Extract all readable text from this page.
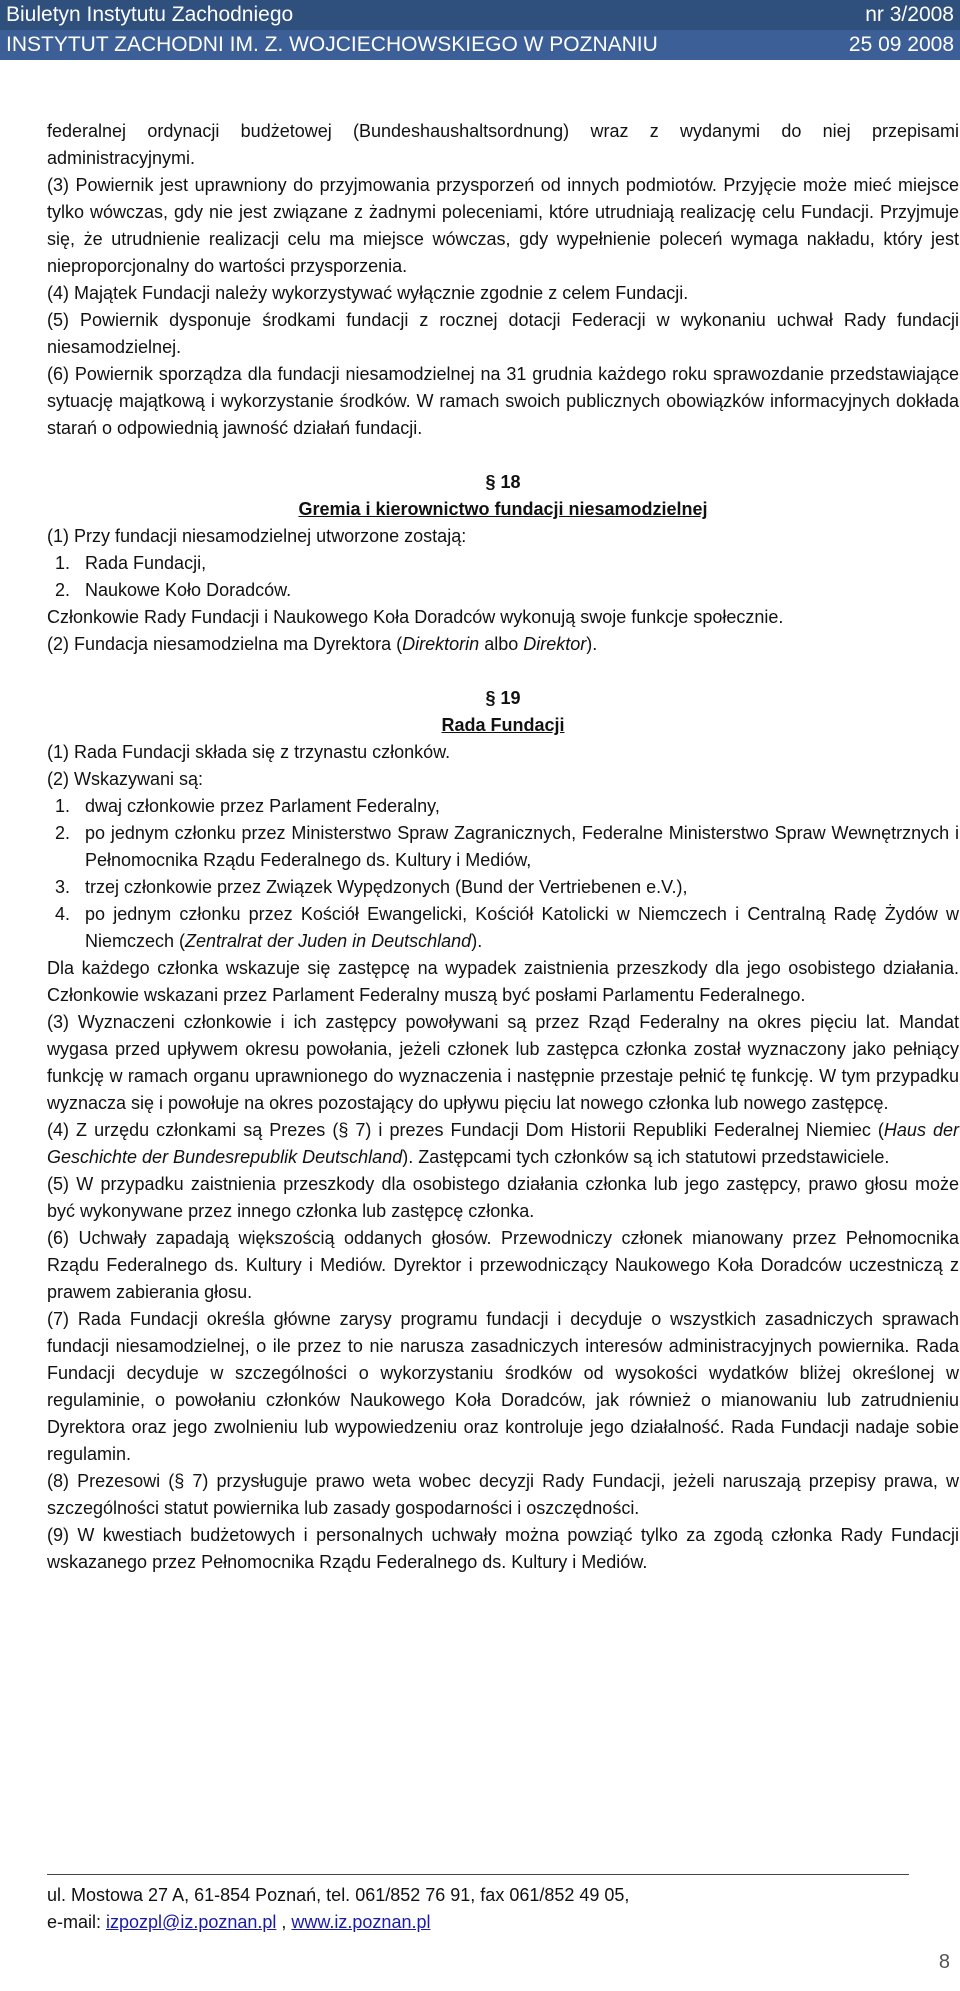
Biuletyn Instytutu Zachodniego	nr 3/2008
INSTYTUT ZACHODNI IM. Z. WOJCIECHOWSKIEGO W POZNANIU	25 09 2008

federalnej ordynacji budżetowej (Bundeshaushaltsordnung) wraz z wydanymi do niej przepisami administracyjnymi.

(3) Powiernik jest uprawniony do przyjmowania przysporzeń od innych podmiotów. Przyjęcie może mieć miejsce tylko wówczas, gdy nie jest związane z żadnymi poleceniami, które utrudniają realizację celu Fundacji. Przyjmuje się, że utrudnienie realizacji celu ma miejsce wówczas, gdy wypełnienie poleceń wymaga nakładu, który jest nieproporcjonalny do wartości przysporzenia.

(4) Majątek Fundacji należy wykorzystywać wyłącznie zgodnie z celem Fundacji.

(5) Powiernik dysponuje środkami fundacji z rocznej dotacji Federacji w wykonaniu uchwał Rady fundacji niesamodzielnej.

(6) Powiernik sporządza dla fundacji niesamodzielnej na 31 grudnia każdego roku sprawozdanie przedstawiające sytuację majątkową i wykorzystanie środków. W ramach swoich publicznych obowiązków informacyjnych dokłada starań o odpowiednią jawność działań fundacji.

§ 18

Gremia i kierownictwo fundacji niesamodzielnej

(1) Przy fundacji niesamodzielnej utworzone zostają:

1. Rada Fundacji,
2. Naukowe Koło Doradców.

Członkowie Rady Fundacji i Naukowego Koła Doradców wykonują swoje funkcje społecznie.

(2) Fundacja niesamodzielna ma Dyrektora (Direktorin albo Direktor).

§ 19

Rada Fundacji

(1) Rada Fundacji składa się z trzynastu członków.

(2) Wskazywani są:

1. dwaj członkowie przez Parlament Federalny,
2. po jednym członku przez Ministerstwo Spraw Zagranicznych, Federalne Ministerstwo Spraw Wewnętrznych i Pełnomocnika Rządu Federalnego ds. Kultury i Mediów,
3. trzej członkowie przez Związek Wypędzonych (Bund der Vertriebenen e.V.),
4. po jednym członku przez Kościół Ewangelicki, Kościół Katolicki w Niemczech i Centralną Radę Żydów w Niemczech (Zentralrat der Juden in Deutschland).

Dla każdego członka wskazuje się zastępcę na wypadek zaistnienia przeszkody dla jego osobistego działania. Członkowie wskazani przez Parlament Federalny muszą być posłami Parlamentu Federalnego.

(3) Wyznaczeni członkowie i ich zastępcy powoływani są przez Rząd Federalny na okres pięciu lat. Mandat wygasa przed upływem okresu powołania, jeżeli członek lub zastępca członka został wyznaczony jako pełniący funkcję w ramach organu uprawnionego do wyznaczenia i następnie przestaje pełnić tę funkcję. W tym przypadku wyznacza się i powołuje na okres pozostający do upływu pięciu lat nowego członka lub nowego zastępcę.

(4) Z urzędu członkami są Prezes (§ 7) i prezes Fundacji Dom Historii Republiki Federalnej Niemiec (Haus der Geschichte der Bundesrepublik Deutschland). Zastępcami tych członków są ich statutowi przedstawiciele.

(5) W przypadku zaistnienia przeszkody dla osobistego działania członka lub jego zastępcy, prawo głosu może być wykonywane przez innego członka lub zastępcę członka.

(6) Uchwały zapadają większością oddanych głosów. Przewodniczy członek mianowany przez Pełnomocnika Rządu Federalnego ds. Kultury i Mediów. Dyrektor i przewodniczący Naukowego Koła Doradców uczestniczą z prawem zabierania głosu.

(7) Rada Fundacji określa główne zarysy programu fundacji i decyduje o wszystkich zasadniczych sprawach fundacji niesamodzielnej, o ile przez to nie narusza zasadniczych interesów administracyjnych powiernika. Rada Fundacji decyduje w szczególności o wykorzystaniu środków od wysokości wydatków bliżej określonej w regulaminie, o powołaniu członków Naukowego Koła Doradców, jak również o mianowaniu lub zatrudnieniu Dyrektora oraz jego zwolnieniu lub wypowiedzeniu oraz kontroluje jego działalność. Rada Fundacji nadaje sobie regulamin.

(8) Prezesowi (§ 7) przysługuje prawo weta wobec decyzji Rady Fundacji, jeżeli naruszają przepisy prawa, w szczególności statut powiernika lub zasady gospodarności i oszczędności.

(9) W kwestiach budżetowych i personalnych uchwały można powziąć tylko za zgodą członka Rady Fundacji wskazanego przez Pełnomocnika Rządu Federalnego ds. Kultury i Mediów.

ul. Mostowa 27 A, 61-854 Poznań, tel. 061/852 76 91, fax 061/852 49 05,
e-mail: izpozpl@iz.poznan.pl , www.iz.poznan.pl
8
